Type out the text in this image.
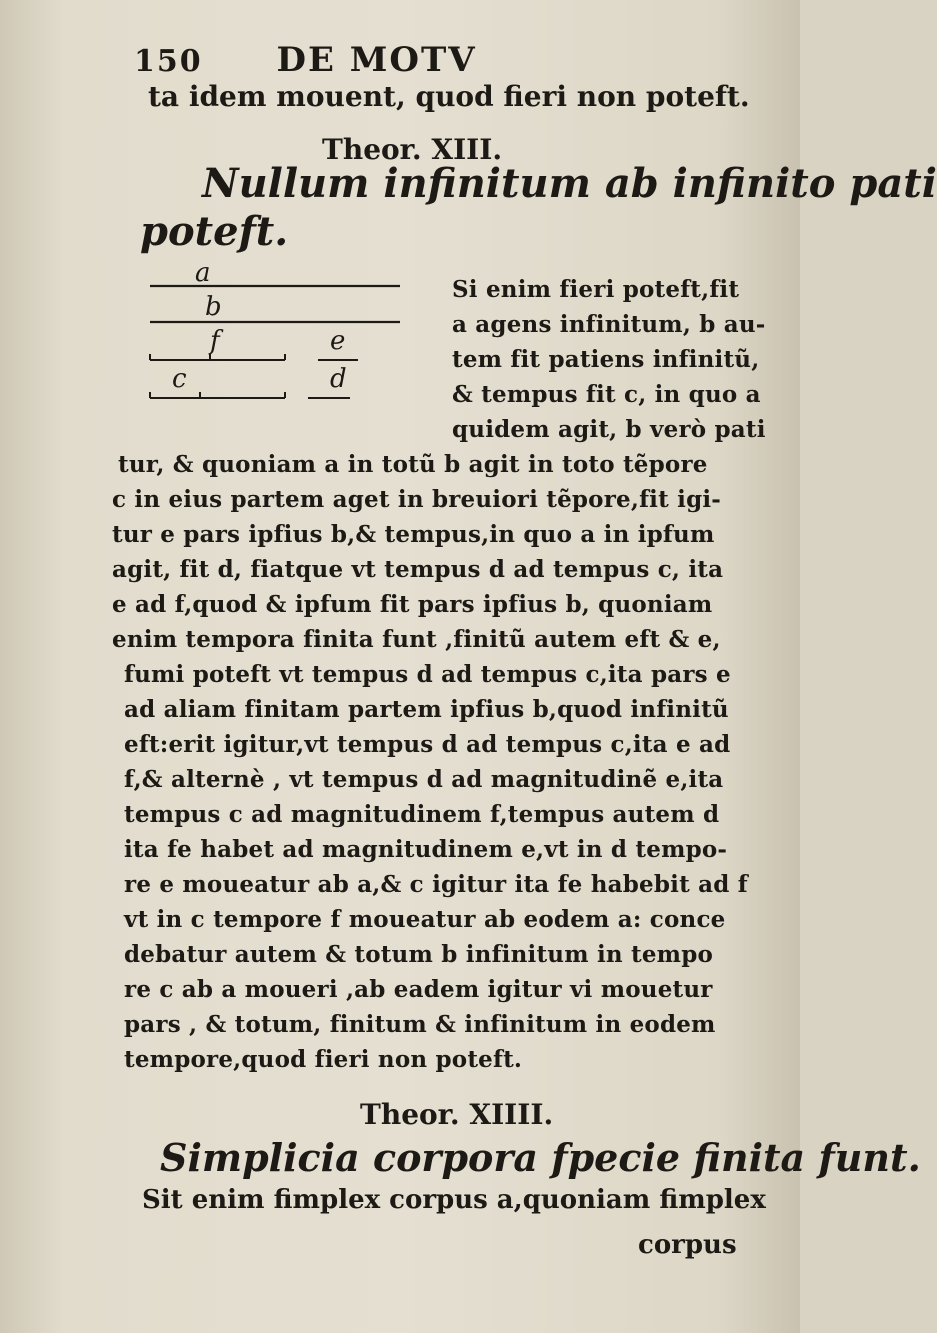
150 DE MOTV
ta idem mouent, quod fieri non poteft.
Theor. XIII.
Nullum infinitum ab infinito pati
poteft.
a
b
f	e
c	d
Si enim fieri poteft,fit
a agens infinitum, b au-
tem fit patiens infinitũ,
& tempus fit c, in quo a
quidem agit, b verò pati
tur, & quoniam a in totũ b agit in toto tẽpore
c in eius partem aget in breuiori tẽpore,fit igi-
tur e pars ipfius b,& tempus,in quo a in ipfum
agit, fit d, fiatque vt tempus d ad tempus c, ita
e ad f,quod & ipfum fit pars ipfius b, quoniam
enim tempora finita funt ,finitũ autem eft & e,
fumi poteft vt tempus d ad tempus c,ita pars e
ad aliam finitam partem ipfius b,quod infinitũ
eft:erit igitur,vt tempus d ad tempus c,ita e ad
f,& alternè , vt tempus d ad magnitudinẽ e,ita
tempus c ad magnitudinem f,tempus autem d
ita fe habet ad magnitudinem e,vt in d tempo-
re e moueatur ab a,& c igitur ita fe habebit ad f
vt in c tempore f moueatur ab eodem a: conce
debatur autem & totum b infinitum in tempo
re c ab a moueri ,ab eadem igitur vi mouetur
pars , & totum, finitum & infinitum in eodem
tempore,quod fieri non poteft.
Theor. XIIII.
Simplicia corpora fpecie finita funt.
Sit enim fimplex corpus a,quoniam fimplex
corpus
